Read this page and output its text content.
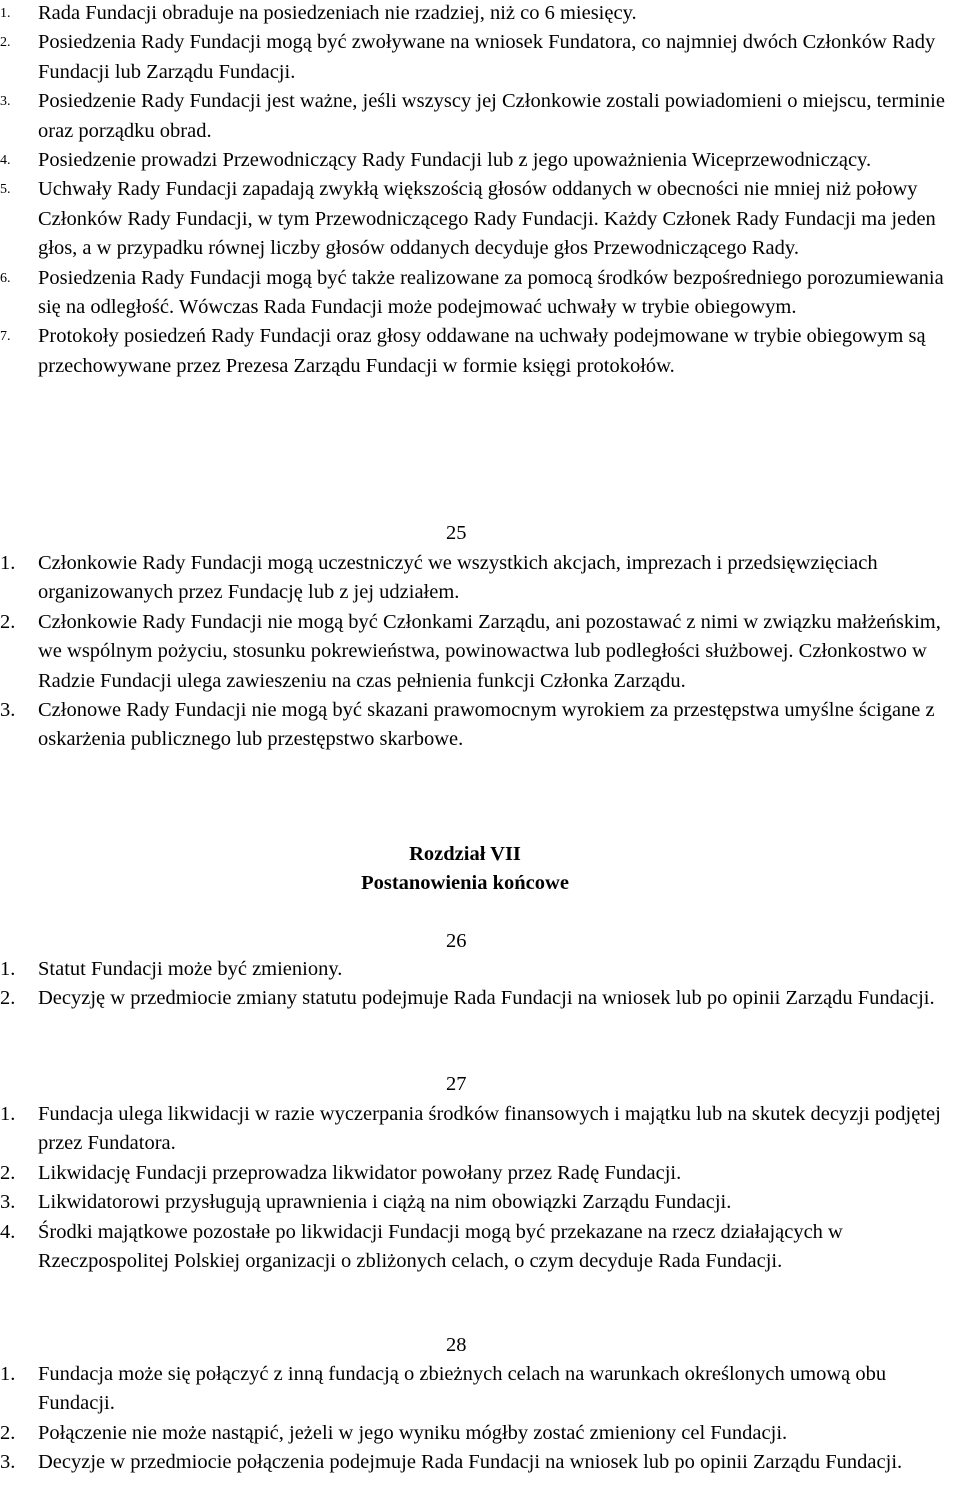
1. Rada Fundacji obraduje na posiedzeniach nie rzadziej, niż co 6 miesięcy.
2. Posiedzenia Rady Fundacji mogą być zwoływane na wniosek Fundatora, co najmniej dwóch Członków Rady Fundacji lub Zarządu Fundacji.
3. Posiedzenie Rady Fundacji jest ważne, jeśli wszyscy jej Członkowie zostali powiadomieni o miejscu, terminie oraz porządku obrad.
4. Posiedzenie prowadzi Przewodniczący Rady Fundacji lub z jego upoważnienia Wiceprzewodniczący.
5. Uchwały Rady Fundacji zapadają zwykłą większością głosów oddanych w obecności nie mniej niż połowy Członków Rady Fundacji, w tym Przewodniczącego Rady Fundacji. Każdy Członek Rady Fundacji ma jeden głos, a w przypadku równej liczby głosów oddanych decyduje głos Przewodniczącego Rady.
6. Posiedzenia Rady Fundacji mogą być także realizowane za pomocą środków bezpośredniego porozumiewania się na odległość. Wówczas Rada Fundacji może podejmować uchwały w trybie obiegowym.
7. Protokoły posiedzeń Rady Fundacji oraz głosy oddawane na uchwały podejmowane w trybie obiegowym są przechowywane przez Prezesa Zarządu Fundacji w formie księgi protokołów.
25
1. Członkowie Rady Fundacji mogą uczestniczyć we wszystkich akcjach, imprezach i przedsięwzięciach organizowanych przez Fundację lub z jej udziałem.
2. Członkowie Rady Fundacji nie mogą być Członkami Zarządu, ani pozostawać z nimi w związku małżeńskim, we wspólnym pożyciu, stosunku pokrewieństwa, powinowactwa lub podległości służbowej. Członkostwo w Radzie Fundacji ulega zawieszeniu na czas pełnienia funkcji Członka Zarządu.
3. Członowe Rady Fundacji nie mogą być skazani prawomocnym wyrokiem za przestępstwa umyślne ścigane z oskarżenia publicznego lub przestępstwo skarbowe.
Rozdział VII
Postanowienia końcowe
26
1. Statut Fundacji może być zmieniony.
2. Decyzję w przedmiocie zmiany statutu podejmuje Rada Fundacji na wniosek lub po opinii Zarządu Fundacji.
27
1. Fundacja ulega likwidacji w razie wyczerpania środków finansowych i majątku lub na skutek decyzji podjętej przez Fundatora.
2. Likwidację Fundacji przeprowadza likwidator powołany przez Radę Fundacji.
3. Likwidatorowi przysługują uprawnienia i ciążą na nim obowiązki Zarządu Fundacji.
4. Środki majątkowe pozostałe po likwidacji Fundacji mogą być przekazane na rzecz działających w Rzeczpospolitej Polskiej organizacji o zbliżonych celach, o czym decyduje Rada Fundacji.
28
1. Fundacja może się połączyć z inną fundacją o zbieżnych celach na warunkach określonych umową obu Fundacji.
2. Połączenie nie może nastąpić, jeżeli w jego wyniku mógłby zostać zmieniony cel Fundacji.
3. Decyzje w przedmiocie połączenia podejmuje Rada Fundacji na wniosek lub po opinii Zarządu Fundacji.
